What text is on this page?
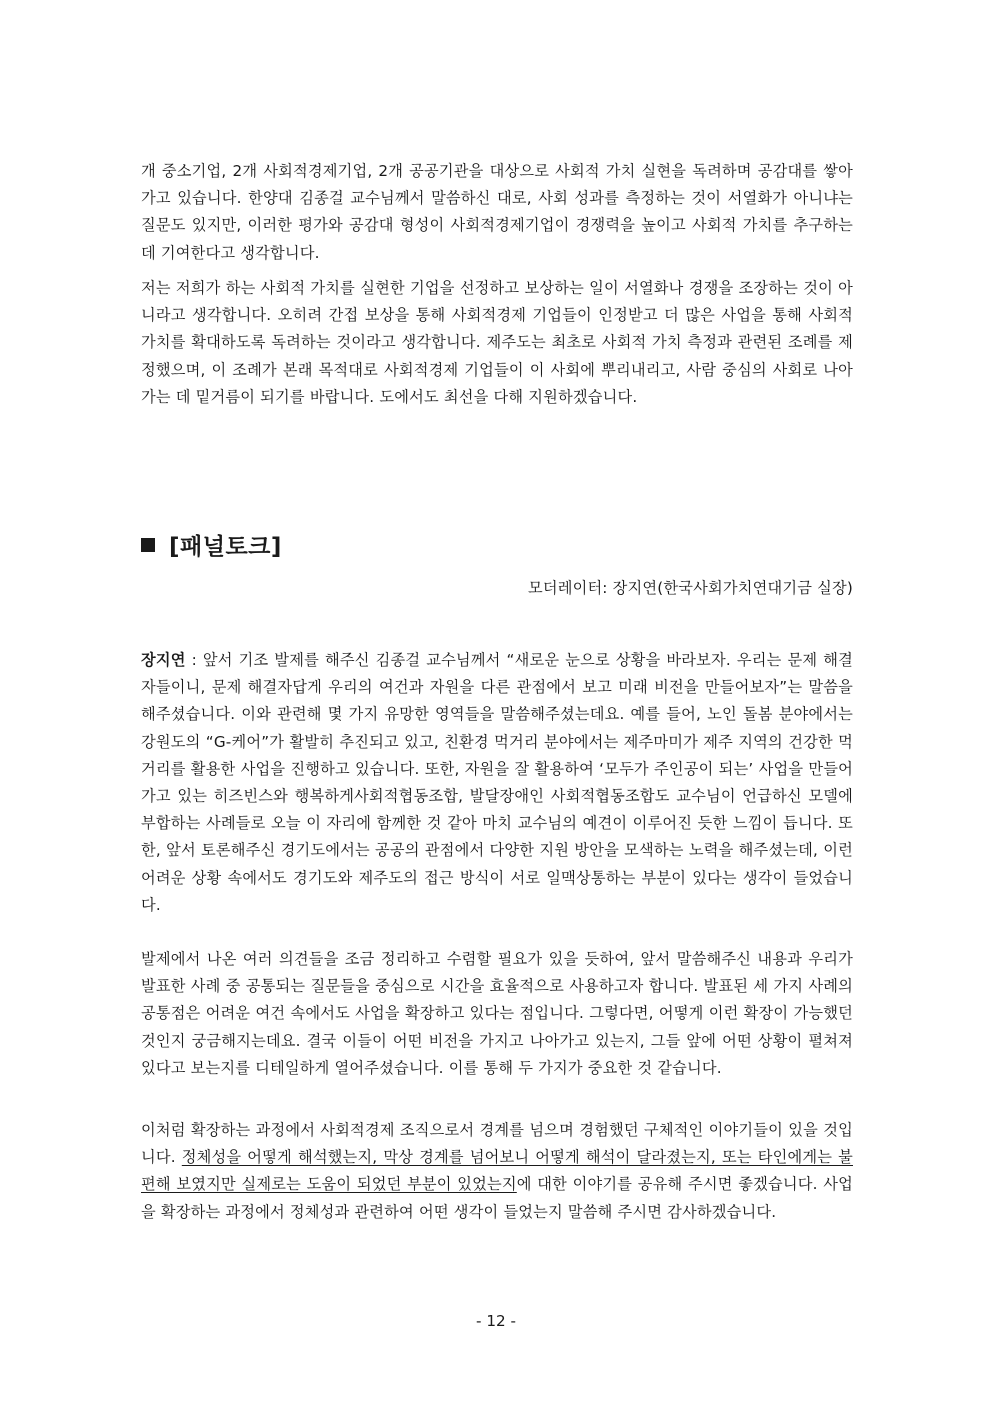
개 중소기업, 2개 사회적경제기업, 2개 공공기관을 대상으로 사회적 가치 실현을 독려하며 공감대를 쌓아가고 있습니다. 한양대 김종걸 교수님께서 말씀하신 대로, 사회 성과를 측정하는 것이 서열화가 아니냐는 질문도 있지만, 이러한 평가와 공감대 형성이 사회적경제기업이 경쟁력을 높이고 사회적 가치를 추구하는 데 기여한다고 생각합니다.

저는 저희가 하는 사회적 가치를 실현한 기업을 선정하고 보상하는 일이 서열화나 경쟁을 조장하는 것이 아니라고 생각합니다. 오히려 간접 보상을 통해 사회적경제 기업들이 인정받고 더 많은 사업을 통해 사회적 가치를 확대하도록 독려하는 것이라고 생각합니다. 제주도는 최초로 사회적 가치 측정과 관련된 조례를 제정했으며, 이 조례가 본래 목적대로 사회적경제 기업들이 이 사회에 뿌리내리고, 사람 중심의 사회로 나아가는 데 밑거름이 되기를 바랍니다. 도에서도 최선을 다해 지원하겠습니다.

[패널토크]

모더레이터: 장지연(한국사회가치연대기금 실장)

장지연 : 앞서 기조 발제를 해주신 김종걸 교수님께서 “새로운 눈으로 상황을 바라보자. 우리는 문제 해결자들이니, 문제 해결자답게 우리의 여건과 자원을 다른 관점에서 보고 미래 비전을 만들어보자”는 말씀을 해주셨습니다. 이와 관련해 몇 가지 유망한 영역들을 말씀해주셨는데요. 예를 들어, 노인 돌봄 분야에서는 강원도의 “G-케어”가 활발히 추진되고 있고, 친환경 먹거리 분야에서는 제주마미가 제주 지역의 건강한 먹거리를 활용한 사업을 진행하고 있습니다. 또한, 자원을 잘 활용하여 ‘모두가 주인공이 되는’ 사업을 만들어가고 있는 히즈빈스와 행복하게사회적협동조합, 발달장애인 사회적협동조합도 교수님이 언급하신 모델에 부합하는 사례들로 오늘 이 자리에 함께한 것 같아 마치 교수님의 예견이 이루어진 듯한 느낌이 듭니다. 또한, 앞서 토론해주신 경기도에서는 공공의 관점에서 다양한 지원 방안을 모색하는 노력을 해주셨는데, 이런 어려운 상황 속에서도 경기도와 제주도의 접근 방식이 서로 일맥상통하는 부분이 있다는 생각이 들었습니다.

발제에서 나온 여러 의견들을 조금 정리하고 수렴할 필요가 있을 듯하여, 앞서 말씀해주신 내용과 우리가 발표한 사례 중 공통되는 질문들을 중심으로 시간을 효율적으로 사용하고자 합니다. 발표된 세 가지 사례의 공통점은 어려운 여건 속에서도 사업을 확장하고 있다는 점입니다. 그렇다면, 어떻게 이런 확장이 가능했던 것인지 궁금해지는데요. 결국 이들이 어떤 비전을 가지고 나아가고 있는지, 그들 앞에 어떤 상황이 펼쳐져 있다고 보는지를 디테일하게 열어주셨습니다. 이를 통해 두 가지가 중요한 것 같습니다.

이처럼 확장하는 과정에서 사회적경제 조직으로서 경계를 넘으며 경험했던 구체적인 이야기들이 있을 것입니다. 정체성을 어떻게 해석했는지, 막상 경계를 넘어보니 어떻게 해석이 달라졌는지, 또는 타인에게는 불편해 보였지만 실제로는 도움이 되었던 부분이 있었는지에 대한 이야기를 공유해 주시면 좋겠습니다. 사업을 확장하는 과정에서 정체성과 관련하여 어떤 생각이 들었는지 말씀해 주시면 감사하겠습니다.

- 12 -
